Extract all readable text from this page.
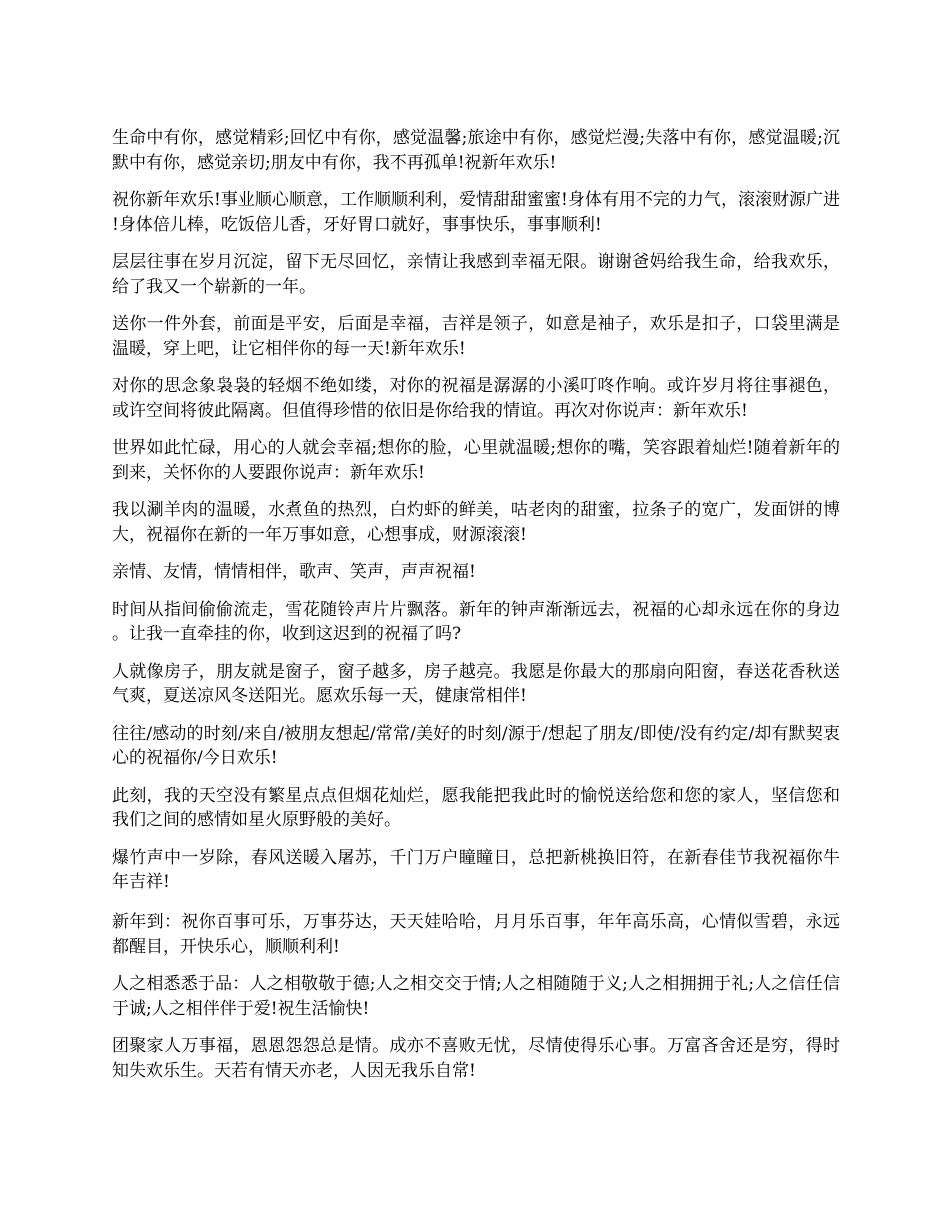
生命中有你，感觉精彩;回忆中有你，感觉温馨;旅途中有你，感觉烂漫;失落中有你，感觉温暖;沉默中有你，感觉亲切;朋友中有你，我不再孤单!祝新年欢乐!

祝你新年欢乐!事业顺心顺意，工作顺顺利利，爱情甜甜蜜蜜!身体有用不完的力气，滚滚财源广进!身体倍儿棒，吃饭倍儿香，牙好胃口就好，事事快乐，事事顺利!

层层往事在岁月沉淀，留下无尽回忆，亲情让我感到幸福无限。谢谢爸妈给我生命，给我欢乐，给了我又一个崭新的一年。

送你一件外套，前面是平安，后面是幸福，吉祥是领子，如意是袖子，欢乐是扣子，口袋里满是温暖，穿上吧，让它相伴你的每一天!新年欢乐!

对你的思念象袅袅的轻烟不绝如缕，对你的祝福是潺潺的小溪叮咚作响。或许岁月将往事褪色，或许空间将彼此隔离。但值得珍惜的依旧是你给我的情谊。再次对你说声：新年欢乐!

世界如此忙碌，用心的人就会幸福;想你的脸，心里就温暖;想你的嘴，笑容跟着灿烂!随着新年的到来，关怀你的人要跟你说声：新年欢乐!

我以涮羊肉的温暖，水煮鱼的热烈，白灼虾的鲜美，咕老肉的甜蜜，拉条子的宽广，发面饼的博大，祝福你在新的一年万事如意，心想事成，财源滚滚!

亲情、友情，情情相伴，歌声、笑声，声声祝福!

时间从指间偷偷流走，雪花随铃声片片飘落。新年的钟声渐渐远去，祝福的心却永远在你的身边。让我一直牵挂的你，收到这迟到的祝福了吗?

人就像房子，朋友就是窗子，窗子越多，房子越亮。我愿是你最大的那扇向阳窗，春送花香秋送气爽，夏送凉风冬送阳光。愿欢乐每一天，健康常相伴!

往往/感动的时刻/来自/被朋友想起/常常/美好的时刻/源于/想起了朋友/即使/没有约定/却有默契衷心的祝福你/今日欢乐!

此刻，我的天空没有繁星点点但烟花灿烂，愿我能把我此时的愉悦送给您和您的家人，坚信您和我们之间的感情如星火原野般的美好。

爆竹声中一岁除，春风送暖入屠苏，千门万户瞳瞳日，总把新桃换旧符，在新春佳节我祝福你牛年吉祥!

新年到：祝你百事可乐，万事芬达，天天娃哈哈，月月乐百事，年年高乐高，心情似雪碧，永远都醒目，开快乐心，顺顺利利!

人之相悉悉于品：人之相敬敬于德;人之相交交于情;人之相随随于义;人之相拥拥于礼;人之信任信于诚;人之相伴伴于爱!祝生活愉快!

团聚家人万事福，恩恩怨怨总是情。成亦不喜败无忧，尽情使得乐心事。万富吝舍还是穷，得时知失欢乐生。天若有情天亦老，人因无我乐自常!
